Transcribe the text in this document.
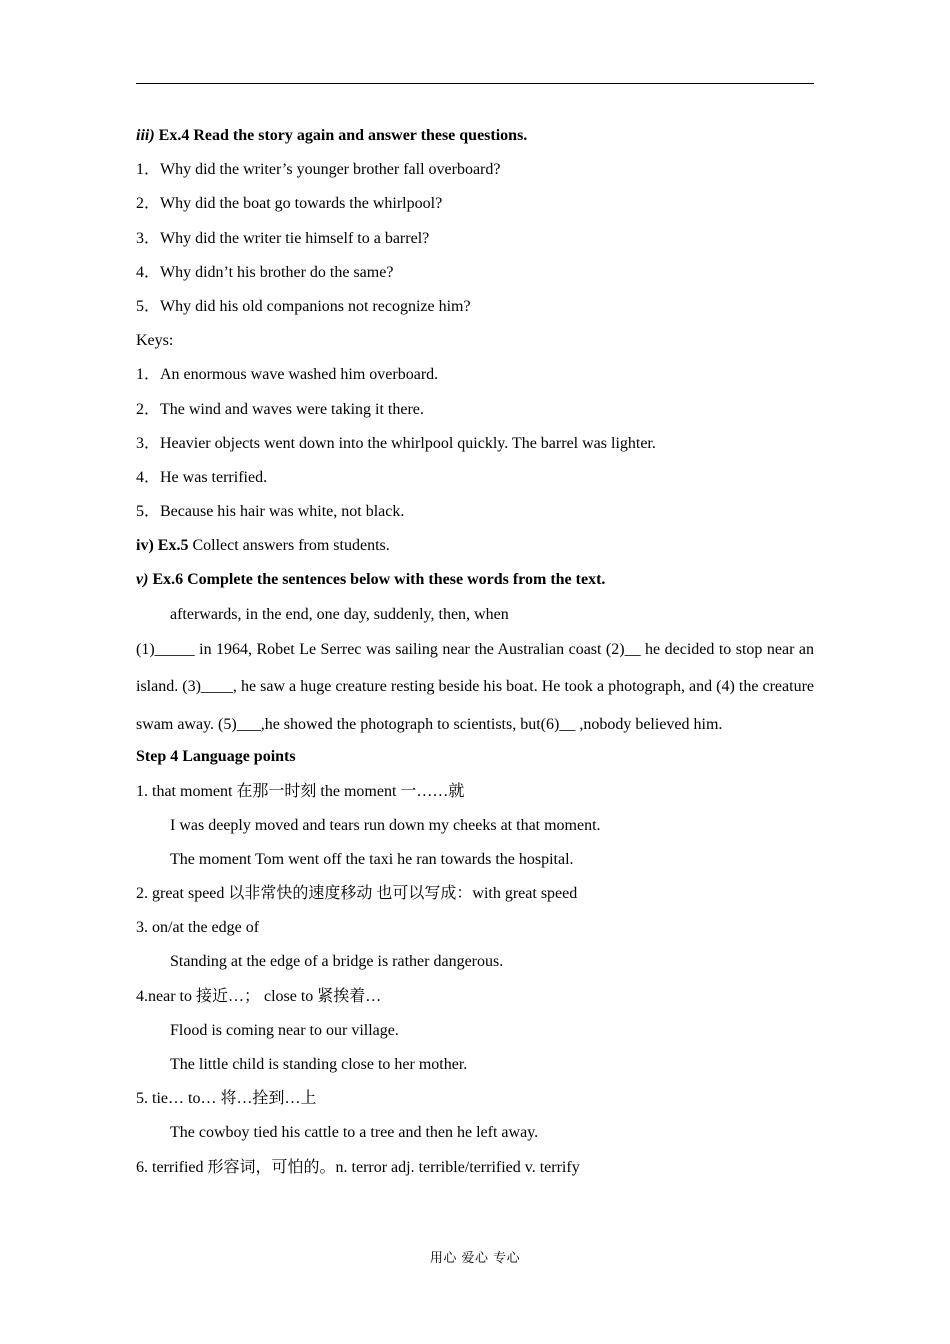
iii) Ex.4 Read the story again and answer these questions.
1．Why did the writer’s younger brother fall overboard?
2．Why did the boat go towards the whirlpool?
3．Why did the writer tie himself to a barrel?
4．Why didn’t his brother do the same?
5．Why did his old companions not recognize him?
Keys:
1．An enormous wave washed him overboard.
2．The wind and waves were taking it there.
3．Heavier objects went down into the whirlpool quickly. The barrel was lighter.
4．He was terrified.
5．Because his hair was white, not black.
iv) Ex.5 Collect answers from students.
v) Ex.6 Complete the sentences below with these words from the text.
afterwards, in the end, one day, suddenly, then, when
(1)_____ in 1964, Robet Le Serrec was sailing near the Australian coast (2)__ he decided to stop near an island. (3)____, he saw a huge creature resting beside his boat. He took a photograph, and (4) the creature swam away. (5)___,he showed the photograph to scientists, but(6)__ ,nobody believed him.
Step 4 Language points
1. that moment 在那一时刻 the moment 一……就
I was deeply moved and tears run down my cheeks at that moment.
The moment Tom went off the taxi he ran towards the hospital.
2. great speed 以非常快的速度移动 也可以写成：with great speed
3. on/at the edge of
Standing at the edge of a bridge is rather dangerous.
4.near to 接近…； close to 紧挨着…
Flood is coming near to our village.
The little child is standing close to her mother.
5. tie… to… 将…拴到…上
The cowboy tied his cattle to a tree and then he left away.
6. terrified 形容词，可怕的。n. terror adj. terrible/terrified v. terrify
用心 爱心 专心
